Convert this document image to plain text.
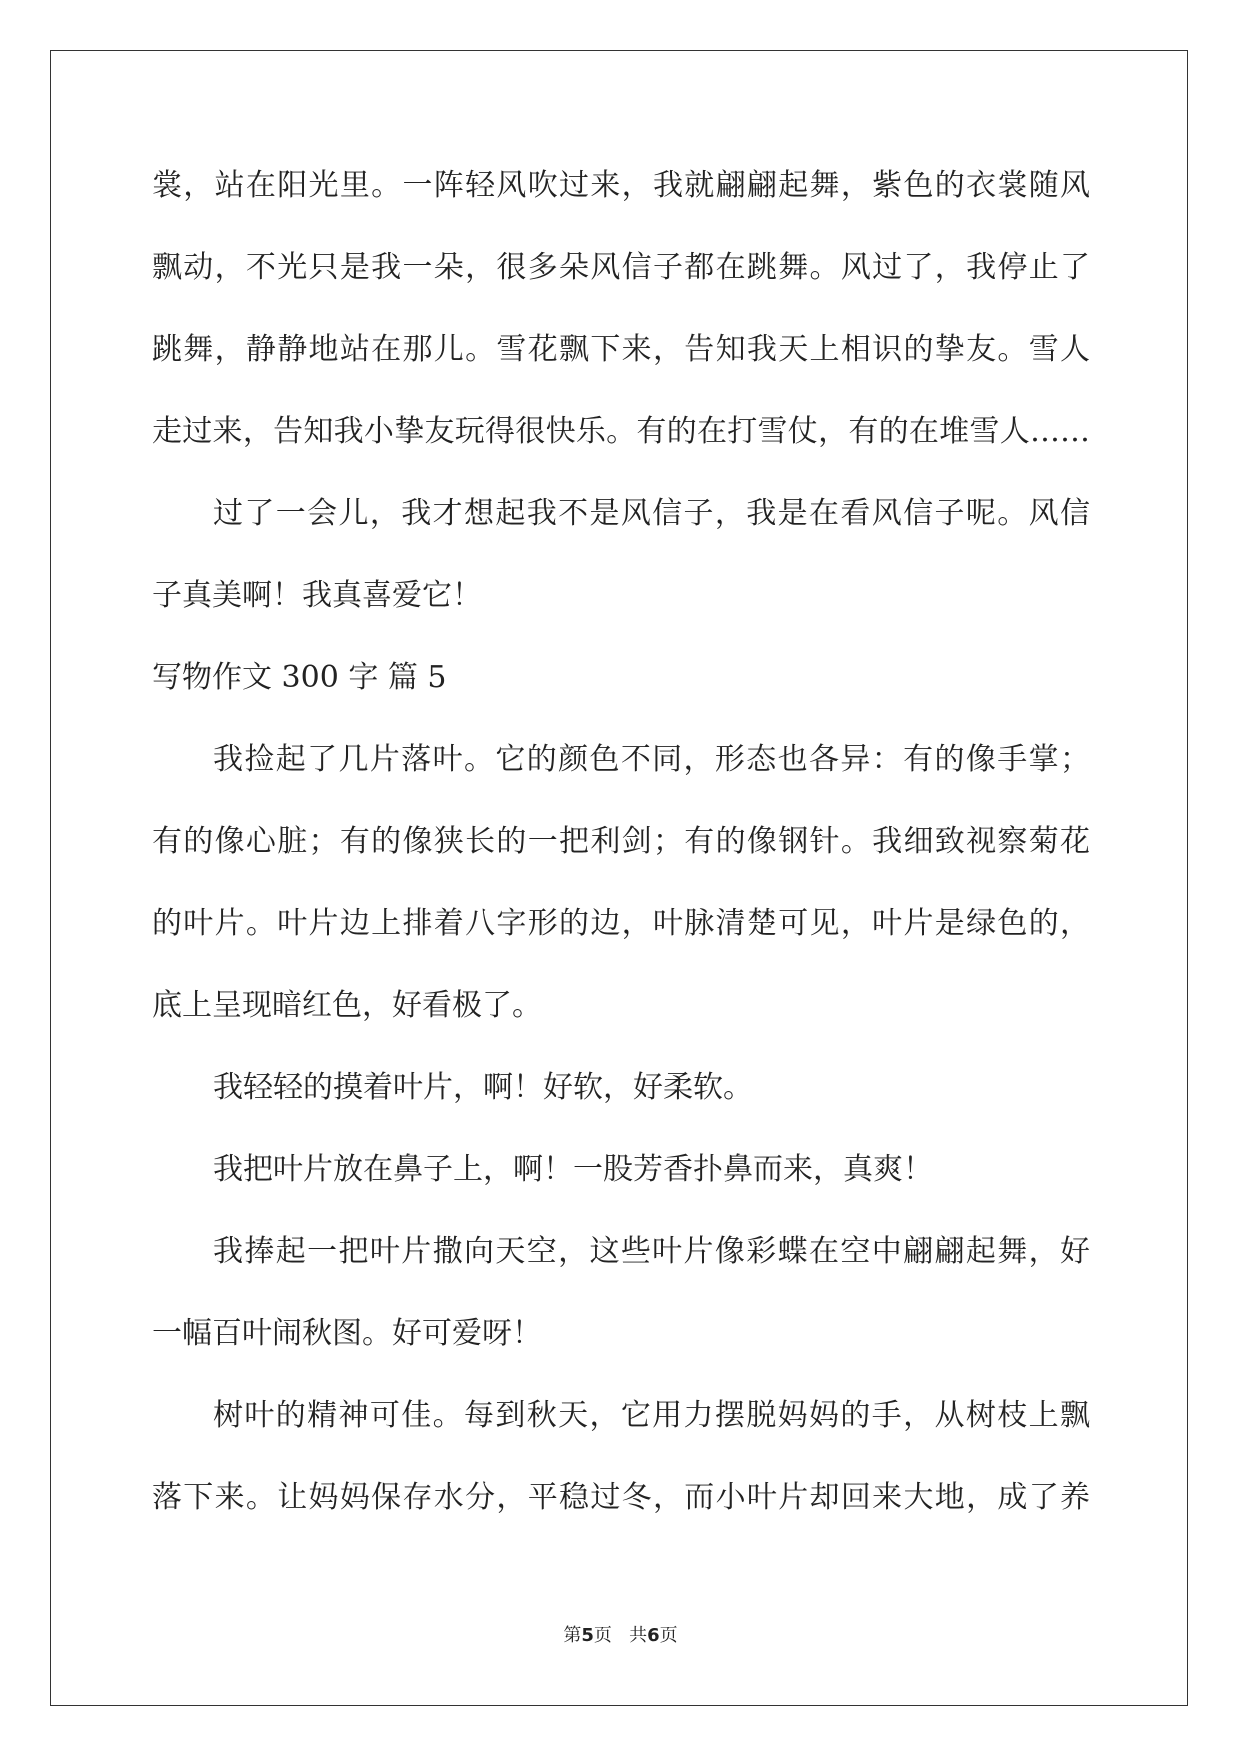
裳，站在阳光里。一阵轻风吹过来，我就翩翩起舞，紫色的衣裳随风

飘动，不光只是我一朵，很多朵风信子都在跳舞。风过了，我停止了

跳舞，静静地站在那儿。雪花飘下来，告知我天上相识的挚友。雪人

走过来，告知我小挚友玩得很快乐。有的在打雪仗，有的在堆雪人……

过了一会儿，我才想起我不是风信子，我是在看风信子呢。风信

子真美啊！我真喜爱它！

写物作文 300 字 篇 5

我捡起了几片落叶。它的颜色不同，形态也各异：有的像手掌；

有的像心脏；有的像狭长的一把利剑；有的像钢针。我细致视察菊花

的叶片。叶片边上排着八字形的边，叶脉清楚可见，叶片是绿色的，

底上呈现暗红色，好看极了。

我轻轻的摸着叶片，啊！好软，好柔软。

我把叶片放在鼻子上，啊！一股芳香扑鼻而来，真爽！

我捧起一把叶片撒向天空，这些叶片像彩蝶在空中翩翩起舞，好

一幅百叶闹秋图。好可爱呀！

树叶的精神可佳。每到秋天，它用力摆脱妈妈的手，从树枝上飘

落下来。让妈妈保存水分，平稳过冬，而小叶片却回来大地，成了养

第5页   共6页
